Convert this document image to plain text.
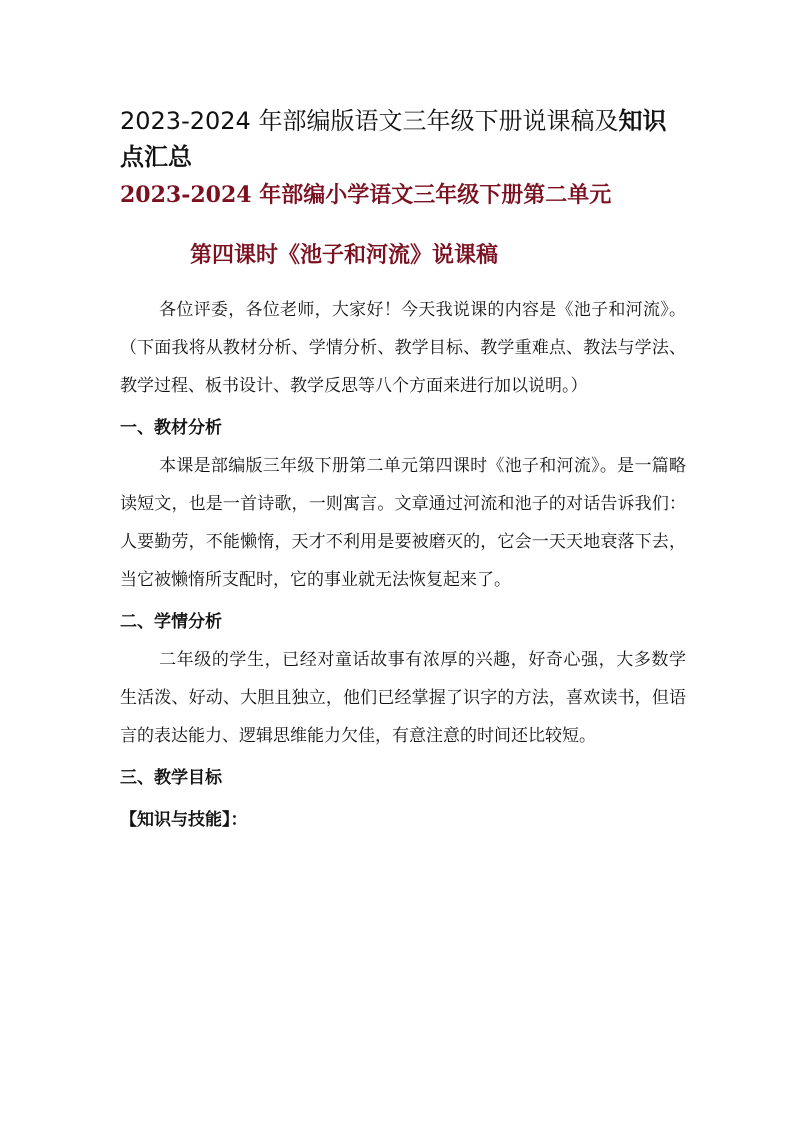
2023-2024 年部编版语文三年级下册说课稿及知识点汇总

2023-2024 年部编小学语文三年级下册第二单元

第四课时《池子和河流》说课稿

各位评委，各位老师，大家好！今天我说课的内容是《池子和河流》。（下面我将从教材分析、学情分析、教学目标、教学重难点、教法与学法、教学过程、板书设计、教学反思等八个方面来进行加以说明。）

一、教材分析

本课是部编版三年级下册第二单元第四课时《池子和河流》。是一篇略读短文，也是一首诗歌，一则寓言。文章通过河流和池子的对话告诉我们：人要勤劳，不能懒惰，天才不利用是要被磨灭的，它会一天天地衰落下去，当它被懒惰所支配时，它的事业就无法恢复起来了。

二、学情分析

二年级的学生，已经对童话故事有浓厚的兴趣，好奇心强，大多数学生活泼、好动、大胆且独立，他们已经掌握了识字的方法，喜欢读书，但语言的表达能力、逻辑思维能力欠佳，有意注意的时间还比较短。

三、教学目标

【知识与技能】：
